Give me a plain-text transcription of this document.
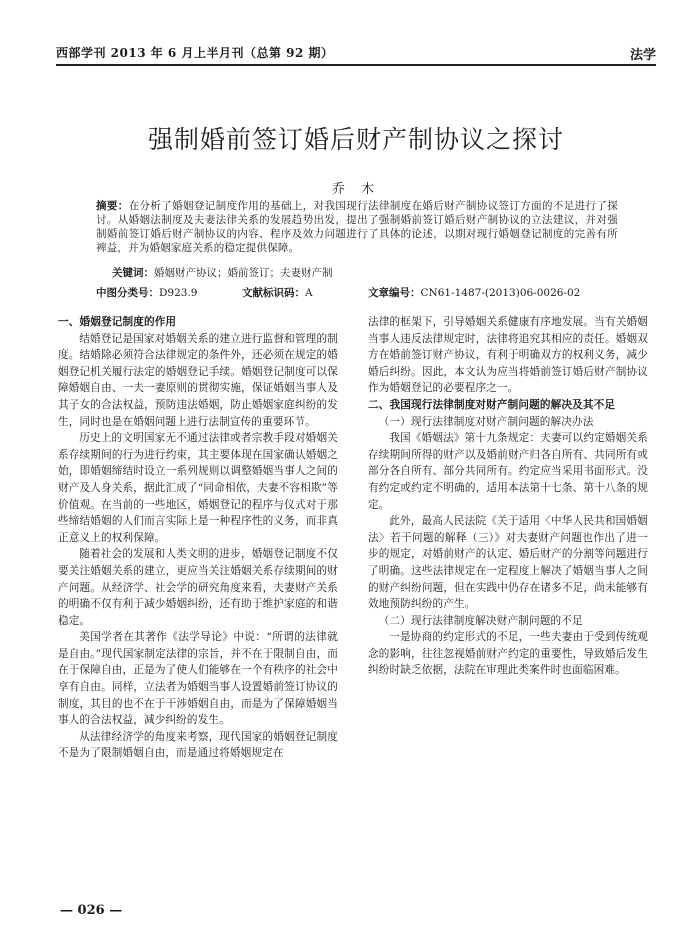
西部学刊 2013 年 6 月上半月刊（总第 92 期）	法学
强制婚前签订婚后财产制协议之探讨
乔 木
摘要：在分析了婚姻登记制度作用的基础上，对我国现行法律制度在婚后财产制协议签订方面的不足进行了探讨。从婚姻法制度及夫妻法律关系的发展趋势出发，提出了强制婚前签订婚后财产制协议的立法建议，并对强制婚前签订婚后财产制协议的内容、程序及效力问题进行了具体的论述，以期对现行婚姻登记制度的完善有所裨益，并为婚姻家庭关系的稳定提供保障。
关键词：婚姻财产协议；婚前签订；夫妻财产制
中图分类号：D923.9	文献标识码：A	文章编号：CN61-1487-(2013)06-0026-02

一、婚姻登记制度的作用

结婚登记是国家对婚姻关系的建立进行监督和管理的制度。结婚除必须符合法律规定的条件外，还必须在规定的婚姻登记机关履行法定的婚姻登记手续。婚姻登记制度可以保障婚姻自由、一夫一妻原则的贯彻实施，保证婚姻当事人及其子女的合法权益，预防违法婚姻，防止婚姻家庭纠纷的发生，同时也是在婚姻问题上进行法制宣传的重要环节。

历史上的文明国家无不通过法律或者宗教手段对婚姻关系存续期间的行为进行约束，其主要体现在国家确认婚姻之始，即婚姻缔结时设立一系列规则以调整婚姻当事人之间的财产及人身关系，据此汇成了“同命相依，夫妻不容相欺”等价值观。在当前的一些地区，婚姻登记的程序与仪式对于那些缔结婚姻的人们而言实际上是一种程序性的义务，而非真正意义上的权利保障。

随着社会的发展和人类文明的进步，婚姻登记制度不仅要关注婚姻关系的建立，更应当关注婚姻关系存续期间的财产问题。从经济学、社会学的研究角度来看，夫妻财产关系的明确不仅有利于减少婚姻纠纷，还有助于维护家庭的和谐稳定。

美国学者在其著作《法学导论》中说：“所谓的法律就是自由。”现代国家制定法律的宗旨，并不在于限制自由，而在于保障自由，正是为了使人们能够在一个有秩序的社会中享有自由。同样，立法者为婚姻当事人设置婚前签订协议的制度，其目的也不在于干涉婚姻自由，而是为了保障婚姻当事人的合法权益，减少纠纷的发生。

从法律经济学的角度来考察，现代国家的婚姻登记制度不是为了限制婚姻自由，而是通过将婚姻规定在

法律的框架下，引导婚姻关系健康有序地发展。当有关婚姻当事人违反法律规定时，法律将追究其相应的责任。婚姻双方在婚前签订财产协议，有利于明确双方的权利义务，减少婚后纠纷。因此，本文认为应当将婚前签订婚后财产制协议作为婚姻登记的必要程序之一。

二、我国现行法律制度对财产制问题的解决及其不足

（一）现行法律制度对财产制问题的解决办法

我国《婚姻法》第十九条规定：夫妻可以约定婚姻关系存续期间所得的财产以及婚前财产归各自所有、共同所有或部分各自所有、部分共同所有。约定应当采用书面形式。没有约定或约定不明确的，适用本法第十七条、第十八条的规定。

此外，最高人民法院《关于适用〈中华人民共和国婚姻法〉若干问题的解释（三）》对夫妻财产问题也作出了进一步的规定，对婚前财产的认定、婚后财产的分割等问题进行了明确。这些法律规定在一定程度上解决了婚姻当事人之间的财产纠纷问题，但在实践中仍存在诸多不足，尚未能够有效地预防纠纷的产生。

（二）现行法律制度解决财产制问题的不足

一是协商的约定形式的不足，一些夫妻由于受到传统观念的影响，往往忽视婚前财产约定的重要性，导致婚后发生纠纷时缺乏依据，法院在审理此类案件时也面临困难。

— 026 —
